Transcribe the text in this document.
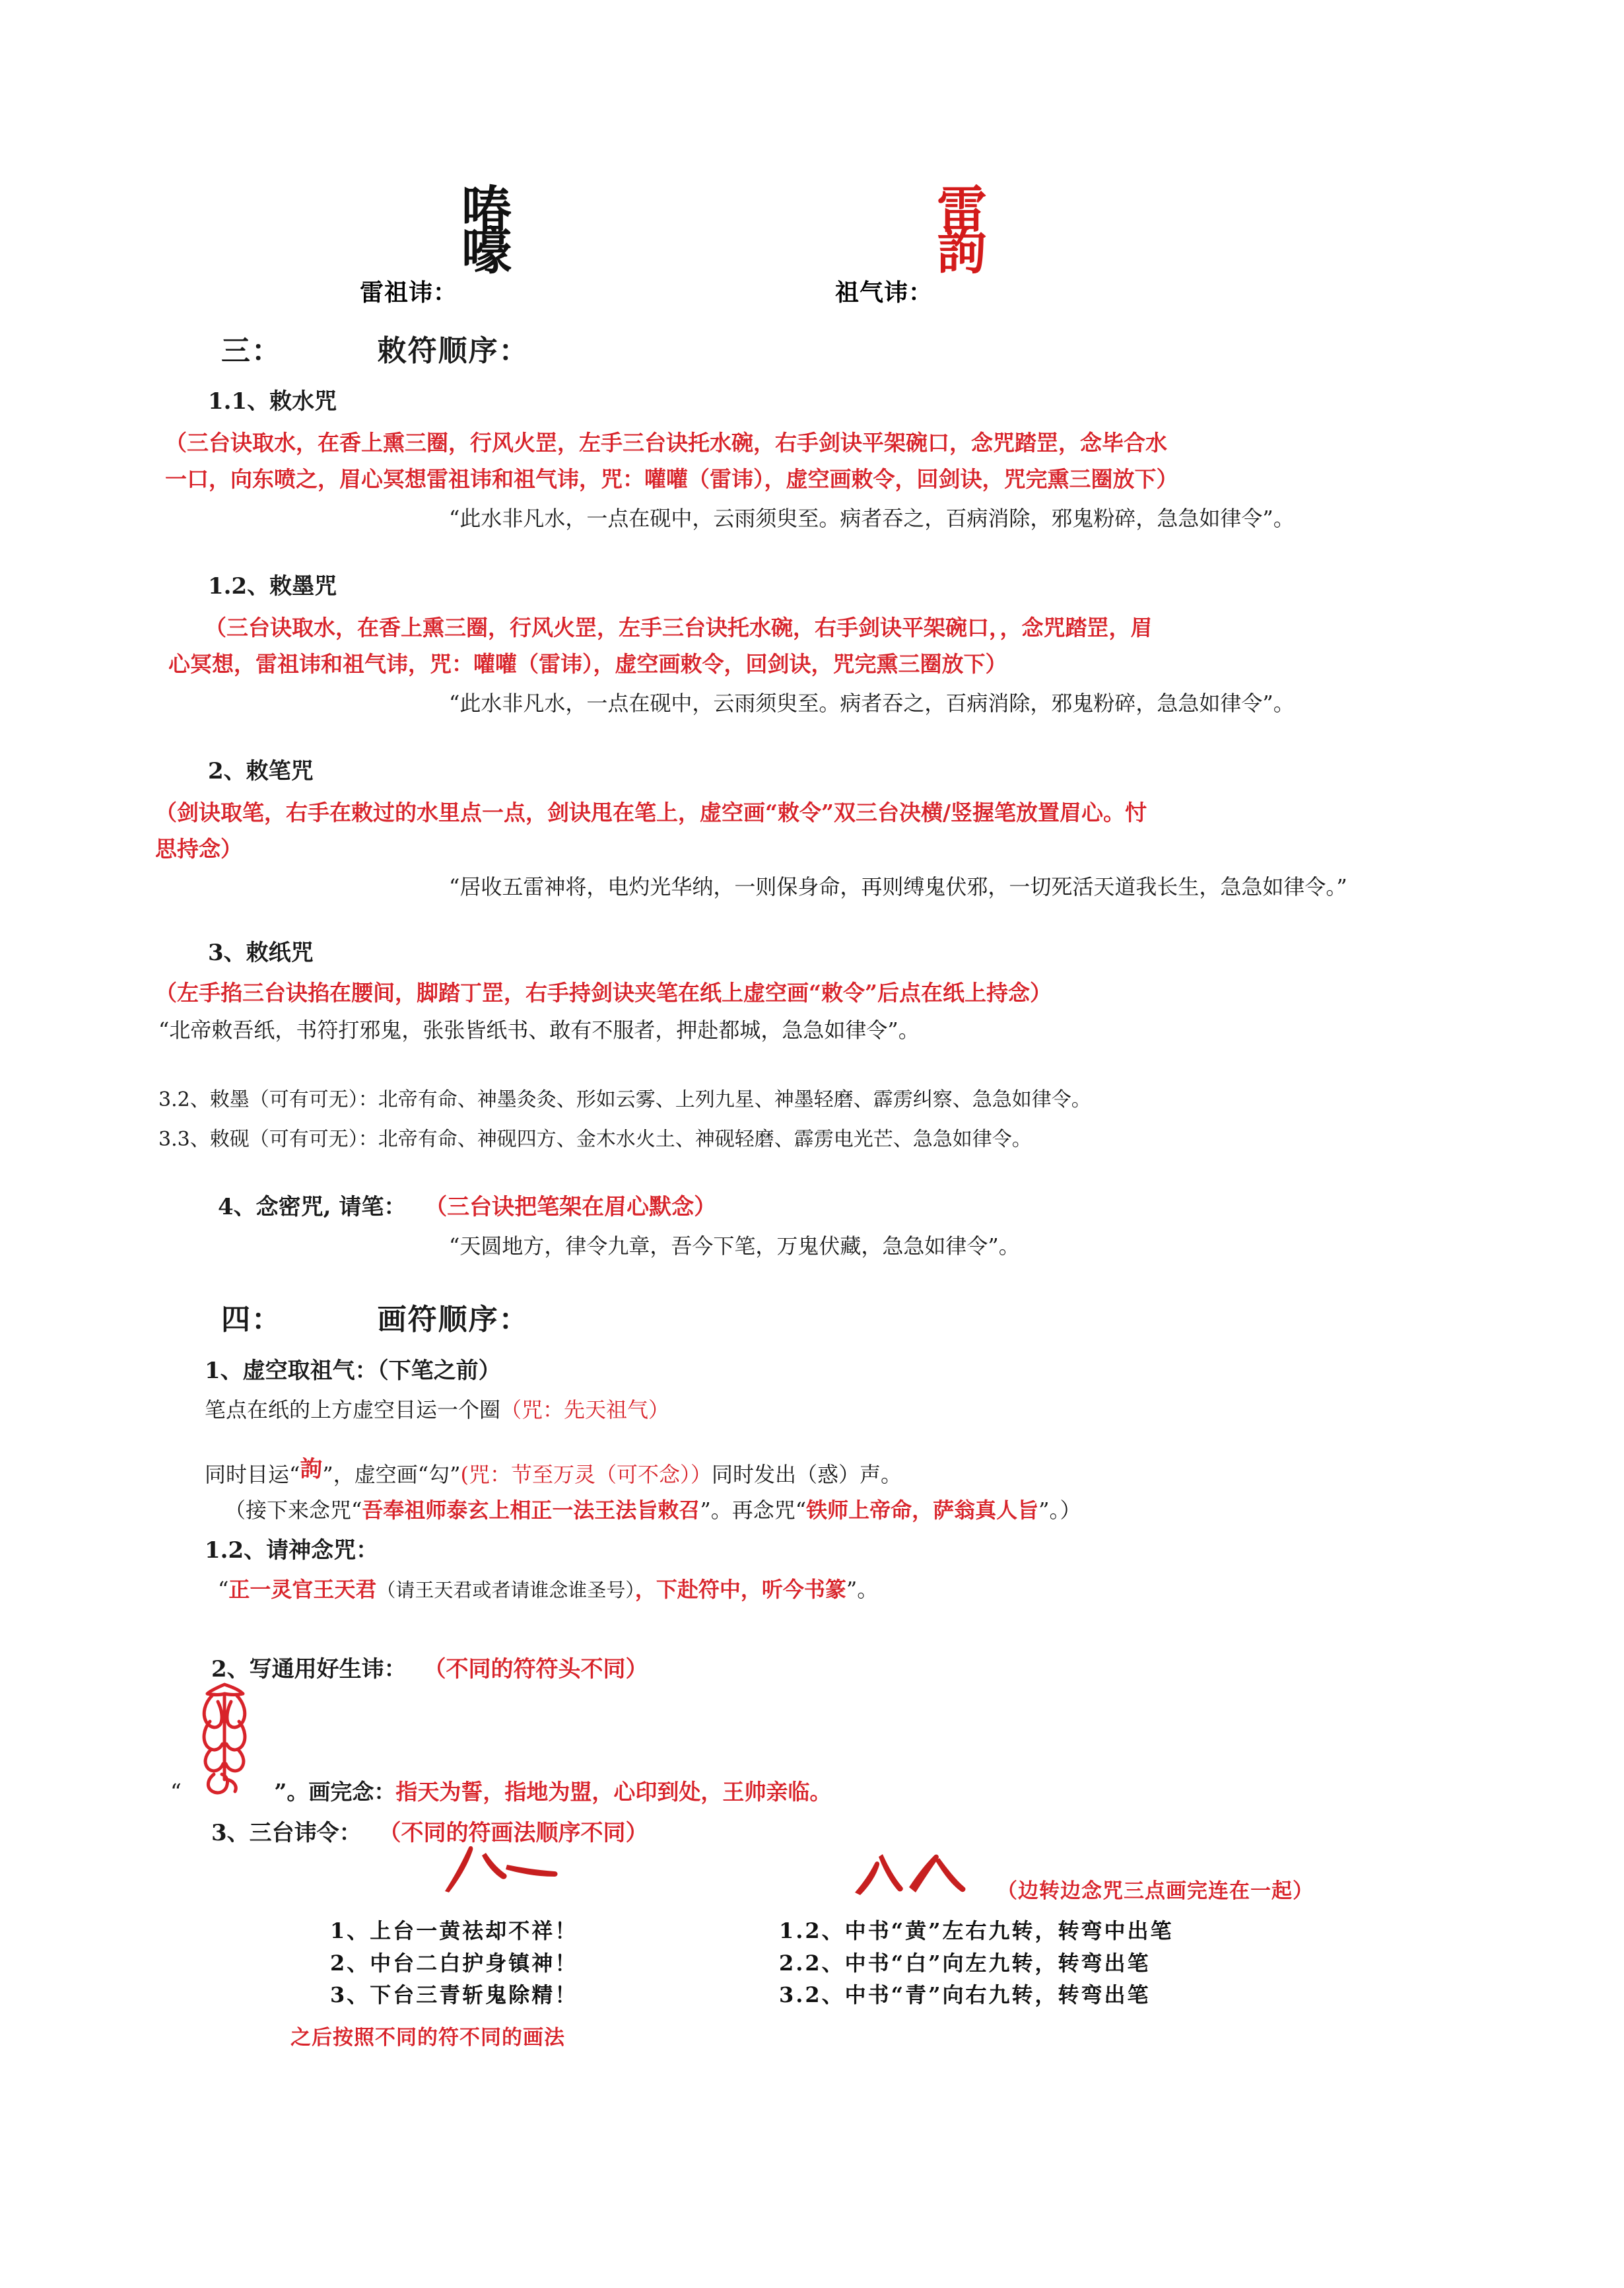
雷祖讳：
㖺
嚎
祖气讳：
雷
訽
三：	敕符顺序：
1.1、敕水咒
（三台诀取水，在香上熏三圈，行风火罡，左手三台诀托水碗，右手剑诀平架碗口，念咒踏罡，念毕合水
一口，向东喷之，眉心冥想雷祖讳和祖气讳，咒：嚾嚾（雷讳），虚空画敕令，回剑诀，咒完熏三圈放下）
“此水非凡水，一点在砚中，云雨须臾至。病者吞之，百病消除，邪鬼粉碎，急急如律令”。
1.2、敕墨咒
（三台诀取水，在香上熏三圈，行风火罡，左手三台诀托水碗，右手剑诀平架碗口，，念咒踏罡，眉
心冥想，雷祖讳和祖气讳，咒：嚾嚾（雷讳），虚空画敕令，回剑诀，咒完熏三圈放下）
“此水非凡水，一点在砚中，云雨须臾至。病者吞之，百病消除，邪鬼粉碎，急急如律令”。
2、敕笔咒
（剑诀取笔，右手在敕过的水里点一点，剑诀甩在笔上，虚空画“敕令”双三台决横/竖握笔放置眉心。忖
思持念）
“居收五雷神将，电灼光华纳，一则保身命，再则缚鬼伏邪，一切死活天道我长生，急急如律令。”
3、敕纸咒
（左手掐三台诀掐在腰间，脚踏丁罡，右手持剑诀夹笔在纸上虚空画“敕令”后点在纸上持念）
“北帝敕吾纸，书符打邪鬼，张张皆纸书、敢有不服者，押赴都城，急急如律令”。
3.2、敕墨（可有可无）：北帝有命、神墨灸灸、形如云雾、上列九星、神墨轻磨、霹雳纠察、急急如律令。
3.3、敕砚（可有可无）：北帝有命、神砚四方、金木水火土、神砚轻磨、霹雳电光芒、急急如律令。
4、念密咒, 请笔： （三台诀把笔架在眉心默念）
“天圆地方，律令九章，吾今下笔，万鬼伏藏，急急如律令”。
四：	画符顺序：
1、虚空取祖气：（下笔之前）
笔点在纸的上方虚空目运一个圈（咒：先天祖气）
同时目运“訽”，虚空画“勾”(咒：节至万灵（可不念））同时发出（惑）声。
（接下来念咒“吾奉祖师泰玄上相正一法王法旨敕召”。再念咒“铁师上帝命，萨翁真人旨”。）
1.2、请神念咒：
“正一灵官王天君（请王天君或者请谁念谁圣号），下赴符中，听今书篆”。
2、写通用好生讳： （不同的符符头不同）
“	”。画完念：指天为誓，指地为盟，心印到处，王帅亲临。
3、三台讳令： （不同的符画法顺序不同）
（边转边念咒三点画完连在一起）
1、上台一黄祛却不祥！
2、中台二白护身镇神！
3、下台三青斩鬼除精！
1.2、中书“黄”左右九转，转弯中出笔
2.2、中书“白”向左九转，转弯出笔
3.2、中书“青”向右九转，转弯出笔
之后按照不同的符不同的画法
